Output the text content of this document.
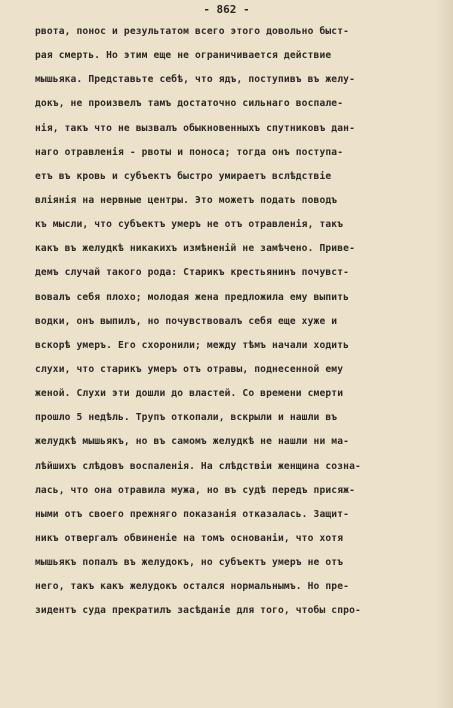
- 862 -
рвота, понос и результатом всего этого довольно быст-
рая смерть. Но этим еще не ограничивается действие
мышьяка. Представьте себѣ, что ядъ, поступивъ въ желу-
докъ, не произвелъ тамъ достаточно сильнаго воспале-
нія, такъ что не вызвалъ обыкновенныхъ спутниковъ дан-
наго отравленія - рвоты и поноса; тогда онъ поступа-
етъ въ кровь и субъектъ быстро умираетъ вслѣдствіе
вліянія на нервные центры. Это можетъ подать поводъ
къ мысли, что субъектъ умеръ не отъ отравленія, такъ
какъ въ желудкѣ никакихъ измѣненій не замѣчено. Приве-
демъ случай такого рода: Старикъ крестьянинъ почувст-
вовалъ себя плохо; молодая жена предложила ему выпить
водки, онъ выпилъ, но почувствовалъ себя еще хуже и
вскорѣ умеръ. Его схоронили; между тѣмъ начали ходить
слухи, что старикъ умеръ отъ отравы, поднесенной ему
женой. Слухи эти дошли до властей. Со времени смерти
прошло 5 недѣль. Трупъ откопали, вскрыли и нашли въ
желудкѣ мышьякъ, но въ самомъ желудкѣ не нашли ни ма-
лѣйшихъ слѣдовъ воспаленія. На слѣдствіи женщина созна-
лась, что она отравила мужа, но въ судѣ передъ присяж-
ными отъ своего прежняго показанія отказалась. Защит-
никъ отвергалъ обвиненіе на томъ основаніи, что хотя
мышьякъ попалъ въ желудокъ, но субъектъ умеръ не отъ
него, такъ какъ желудокъ остался нормальнымъ. Но пре-
зидентъ суда прекратилъ засѣданіе для того, чтобы спро-
